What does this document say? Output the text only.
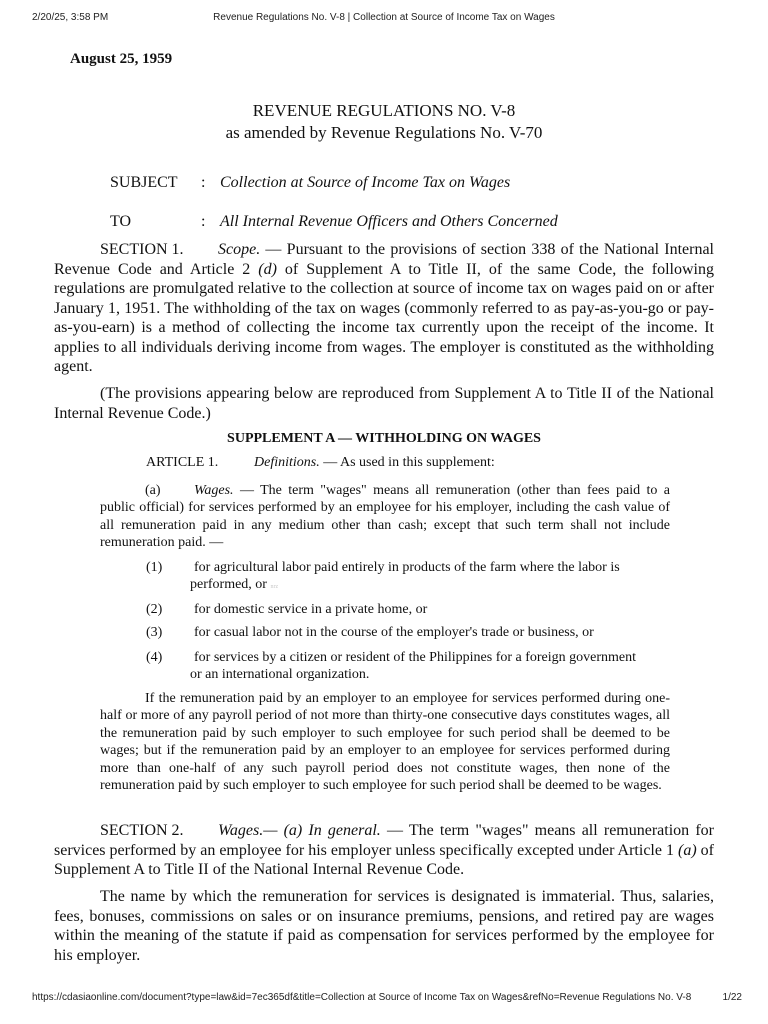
2/20/25, 3:58 PM	Revenue Regulations No. V-8 | Collection at Source of Income Tax on Wages
August 25, 1959
REVENUE REGULATIONS NO. V-8
as amended by Revenue Regulations No. V-70
SUBJECT : Collection at Source of Income Tax on Wages
TO	: All Internal Revenue Officers and Others Concerned
SECTION 1. Scope. — Pursuant to the provisions of section 338 of the National Internal Revenue Code and Article 2 (d) of Supplement A to Title II, of the same Code, the following regulations are promulgated relative to the collection at source of income tax on wages paid on or after January 1, 1951. The withholding of the tax on wages (commonly referred to as pay-as-you-go or pay-as-you-earn) is a method of collecting the income tax currently upon the receipt of the income. It applies to all individuals deriving income from wages. The employer is constituted as the withholding agent.
(The provisions appearing below are reproduced from Supplement A to Title II of the National Internal Revenue Code.)
SUPPLEMENT A — WITHHOLDING ON WAGES
ARTICLE 1.	Definitions. — As used in this supplement:
(a) Wages. — The term "wages" means all remuneration (other than fees paid to a public official) for services performed by an employee for his employer, including the cash value of all remuneration paid in any medium other than cash; except that such term shall not include remuneration paid. —
(1) for agricultural labor paid entirely in products of the farm where the labor is
performed, or nrz
(2) for domestic service in a private home, or
(3) for casual labor not in the course of the employer's trade or business, or
(4) for services by a citizen or resident of the Philippines for a foreign government
or an international organization.
If the remuneration paid by an employer to an employee for services performed during one-half or more of any payroll period of not more than thirty-one consecutive days constitutes wages, all the remuneration paid by such employer to such employee for such period shall be deemed to be wages; but if the remuneration paid by an employer to an employee for services performed during more than one-half of any such payroll period does not constitute wages, then none of the remuneration paid by such employer to such employee for such period shall be deemed to be wages.
SECTION 2. Wages.— (a) In general. — The term "wages" means all remuneration for services performed by an employee for his employer unless specifically excepted under Article 1 (a) of Supplement A to Title II of the National Internal Revenue Code.
The name by which the remuneration for services is designated is immaterial. Thus, salaries, fees, bonuses, commissions on sales or on insurance premiums, pensions, and retired pay are wages within the meaning of the statute if paid as compensation for services performed by the employee for his employer.
https://cdasiaonline.com/document?type=law&id=7ec365df&title=Collection at Source of Income Tax on Wages&refNo=Revenue Regulations No. V-8	1/22
